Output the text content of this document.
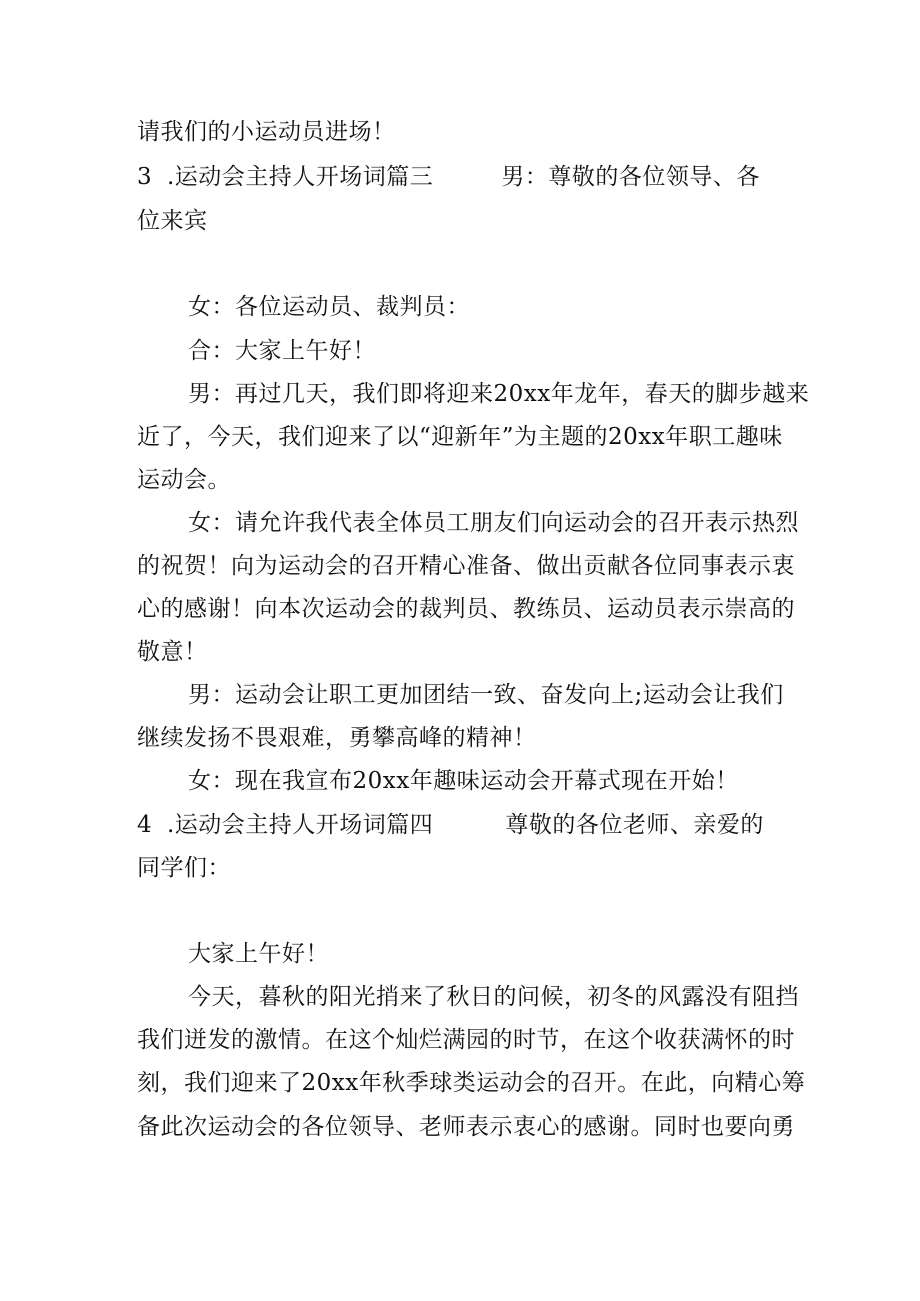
请我们的小运动员进场！

3 .运动会主持人开场词篇三	男：尊敬的各位领导、各

位来宾

女：各位运动员、裁判员：

合：大家上午好！

男：再过几天，我们即将迎来20xx年龙年，春天的脚步越来

近了，今天，我们迎来了以“迎新年”为主题的20xx年职工趣味

运动会。

女：请允许我代表全体员工朋友们向运动会的召开表示热烈

的祝贺！向为运动会的召开精心准备、做出贡献各位同事表示衷

心的感谢！向本次运动会的裁判员、教练员、运动员表示崇高的

敬意！

男：运动会让职工更加团结一致、奋发向上;运动会让我们

继续发扬不畏艰难，勇攀高峰的精神！

女：现在我宣布20xx年趣味运动会开幕式现在开始！

4 .运动会主持人开场词篇四	尊敬的各位老师、亲爱的

同学们：

大家上午好！

今天，暮秋的阳光捎来了秋日的问候，初冬的风露没有阻挡

我们迸发的激情。在这个灿烂满园的时节，在这个收获满怀的时

刻，我们迎来了20xx年秋季球类运动会的召开。在此，向精心筹

备此次运动会的各位领导、老师表示衷心的感谢。同时也要向勇
